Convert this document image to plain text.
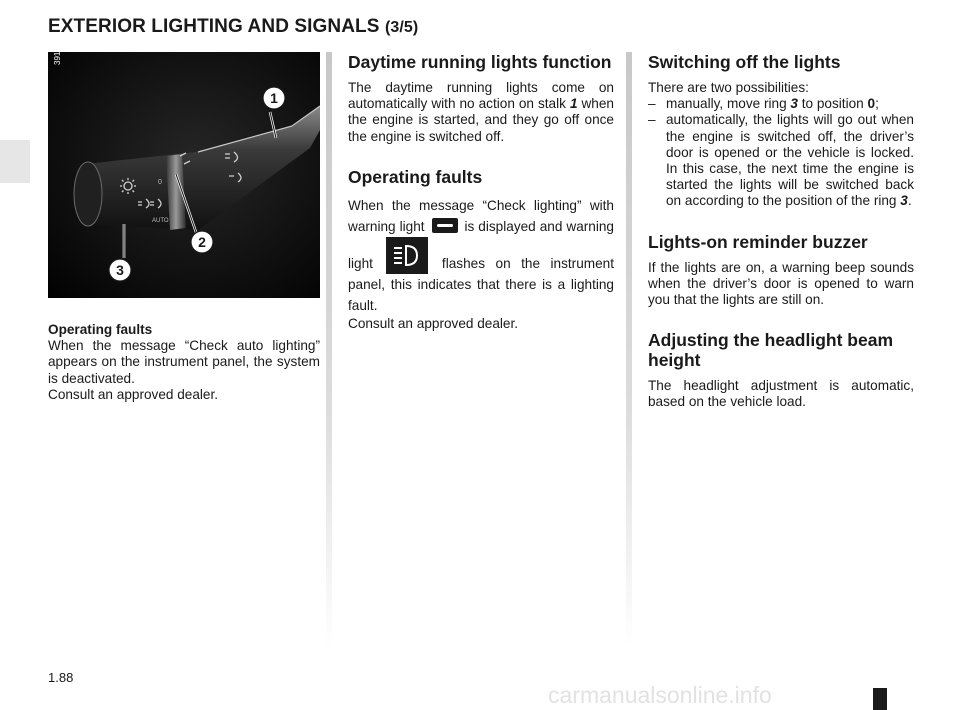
EXTERIOR LIGHTING AND SIGNALS (3/5)
AUTO
0
1
2
3
39141

Operating faults

When the message “Check auto lighting” appears on the instrument panel, the system is deactivated.

Consult an approved dealer.

Daytime running lights function

The daytime running lights come on automatically with no action on stalk 1 when the engine is started, and they go off once the engine is switched off.

Operating faults

When the message “Check lighting” with warning light
is displayed and warning light	flashes on the instrument panel, this indicates that there is a lighting fault.

Consult an approved dealer.

Switching off the lights

There are two possibilities:

– manually, move ring 3 to position 0;
– automatically, the lights will go out when the engine is switched off, the driver’s door is opened or the vehicle is locked. In this case, the next time the engine is started the lights will be switched back on according to the position of the ring 3.
Lights-on reminder buzzer

If the lights are on, a warning beep sounds when the driver’s door is opened to warn you that the lights are still on.

Adjusting the headlight beam height

The headlight adjustment is automatic, based on the vehicle load.

1.88
carmanualsonline.info
